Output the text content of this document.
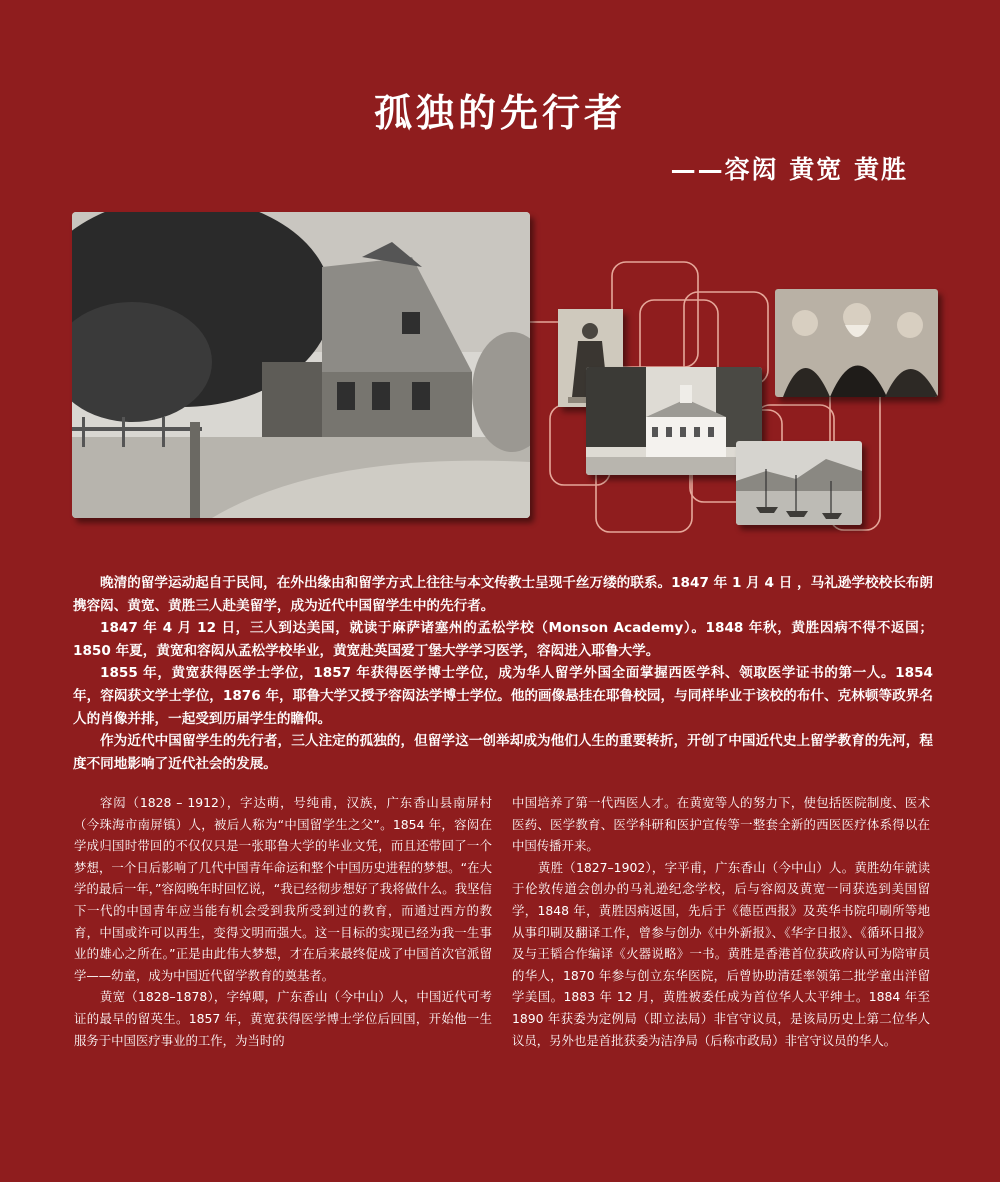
孤独的先行者
——容闳 黄宽 黄胜

晚清的留学运动起自于民间，在外出缘由和留学方式上往往与本文传教士呈现千丝万缕的联系。1847 年 1 月 4 日 ，马礼逊学校校长布朗携容闳、黄宽、黄胜三人赴美留学，成为近代中国留学生中的先行者。

1847 年 4 月 12 日，三人到达美国，就读于麻萨诸塞州的孟松学校（Monson Academy）。1848 年秋，黄胜因病不得不返国；1850 年夏，黄宽和容闳从孟松学校毕业，黄宽赴英国爱丁堡大学学习医学，容闳进入耶鲁大学。

1855 年，黄宽获得医学士学位，1857 年获得医学博士学位，成为华人留学外国全面掌握西医学科、领取医学证书的第一人。1854 年，容闳获文学士学位，1876 年，耶鲁大学又授予容闳法学博士学位。他的画像悬挂在耶鲁校园，与同样毕业于该校的布什、克林顿等政界名人的肖像并排，一起受到历届学生的瞻仰。

作为近代中国留学生的先行者，三人注定的孤独的，但留学这一创举却成为他们人生的重要转折，开创了中国近代史上留学教育的先河，程度不同地影响了近代社会的发展。

容闳（1828 – 1912），字达萌，号纯甫，汉族，广东香山县南屏村（今珠海市南屏镇）人，被后人称为“中国留学生之父”。1854 年，容闳在学成归国时带回的不仅仅只是一张耶鲁大学的毕业文凭，而且还带回了一个梦想，一个日后影响了几代中国青年命运和整个中国历史进程的梦想。“在大学的最后一年，”容闳晚年时回忆说，“我已经彻步想好了我将做什么。我坚信下一代的中国青年应当能有机会受到我所受到过的教育，而通过西方的教育，中国或许可以再生，变得文明而强大。这一目标的实现已经为我一生事业的雄心之所在。”正是由此伟大梦想，才在后来最终促成了中国首次官派留学——幼童，成为中国近代留学教育的奠基者。

黄宽（1828–1878），字绰卿，广东香山（今中山）人，中国近代可考证的最早的留英生。1857 年，黄宽获得医学博士学位后回国，开始他一生服务于中国医疗事业的工作，为当时的

中国培养了第一代西医人才。在黄宽等人的努力下，使包括医院制度、医术医药、医学教育、医学科研和医护宣传等一整套全新的西医医疗体系得以在中国传播开来。

黄胜（1827–1902），字平甫，广东香山（今中山）人。黄胜幼年就读于伦敦传道会创办的马礼逊纪念学校，后与容闳及黄宽一同获选到美国留学，1848 年，黄胜因病返国，先后于《德臣西报》及英华书院印刷所等地从事印刷及翻译工作，曾参与创办《中外新报》、《华字日报》、《循环日报》及与王韬合作编译《火器说略》一书。黄胜是香港首位获政府认可为陪审员的华人，1870 年参与创立东华医院，后曾协助清廷率领第二批学童出洋留学美国。1883 年 12 月，黄胜被委任成为首位华人太平绅士。1884 年至 1890 年获委为定例局（即立法局）非官守议员，是该局历史上第二位华人议员，另外也是首批获委为洁净局（后称市政局）非官守议员的华人。
